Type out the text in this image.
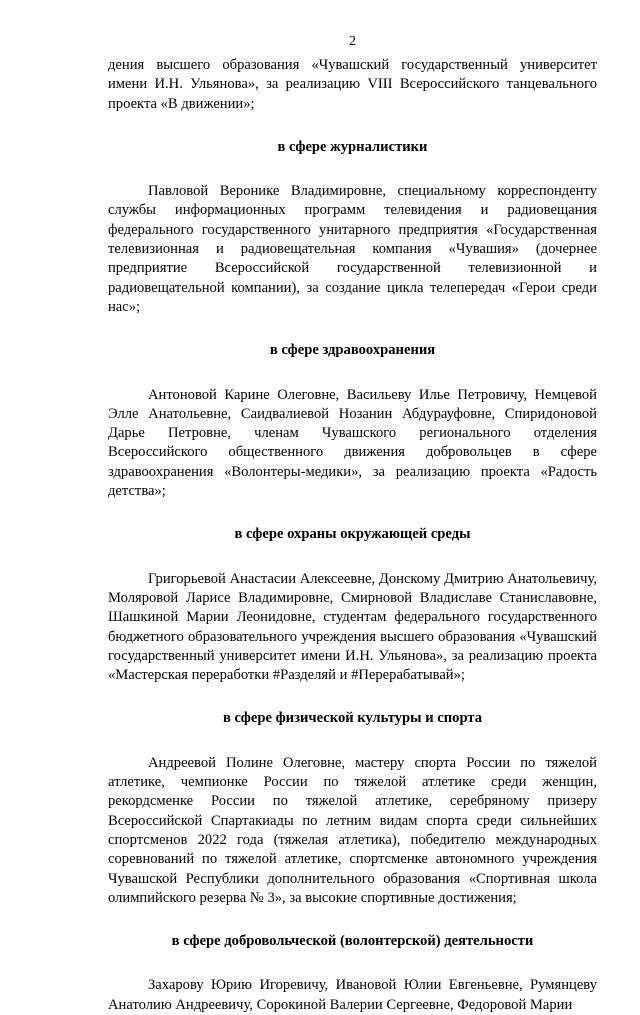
2

дения высшего образования «Чувашский государственный университет имени И.Н. Ульянова», за реализацию VIII Всероссийского танцевального проекта «В движении»;

в сфере журналистики

Павловой Веронике Владимировне, специальному корреспонденту службы информационных программ телевидения и радиовещания федерального государственного унитарного предприятия «Государственная телевизионная и радиовещательная компания «Чувашия» (дочернее предприятие Всероссийской государственной телевизионной и радиовещательной компании), за создание цикла телепередач «Герои среди нас»;

в сфере здравоохранения

Антоновой Карине Олеговне, Васильеву Илье Петровичу, Немцевой Элле Анатольевне, Саидвалиевой Нозанин Абдурауфовне, Спиридоновой Дарье Петровне, членам Чувашского регионального отделения Всероссийского общественного движения добровольцев в сфере здравоохранения «Волонтеры-медики», за реализацию проекта «Радость детства»;

в сфере охраны окружающей среды

Григорьевой Анастасии Алексеевне, Донскому Дмитрию Анатольевичу, Моляровой Ларисе Владимировне, Смирновой Владиславе Станиславовне, Шашкиной Марии Леонидовне, студентам федерального государственного бюджетного образовательного учреждения высшего образования «Чувашский государственный университет имени И.Н. Ульянова», за реализацию проекта «Мастерская переработки #Разделяй и #Перерабатывай»;

в сфере физической культуры и спорта

Андреевой Полине Олеговне, мастеру спорта России по тяжелой атлетике, чемпионке России по тяжелой атлетике среди женщин, рекордсменке России по тяжелой атлетике, серебряному призеру Всероссийской Спартакиады по летним видам спорта среди сильнейших спортсменов 2022 года (тяжелая атлетика), победителю международных соревнований по тяжелой атлетике, спортсменке автономного учреждения Чувашской Республики дополнительного образования «Спортивная школа олимпийского резерва № 3», за высокие спортивные достижения;

в сфере добровольческой (волонтерской) деятельности

Захарову Юрию Игоревичу, Ивановой Юлии Евгеньевне, Румянцеву Анатолию Андреевичу, Сорокиной Валерии Сергеевне, Федоровой Марии
